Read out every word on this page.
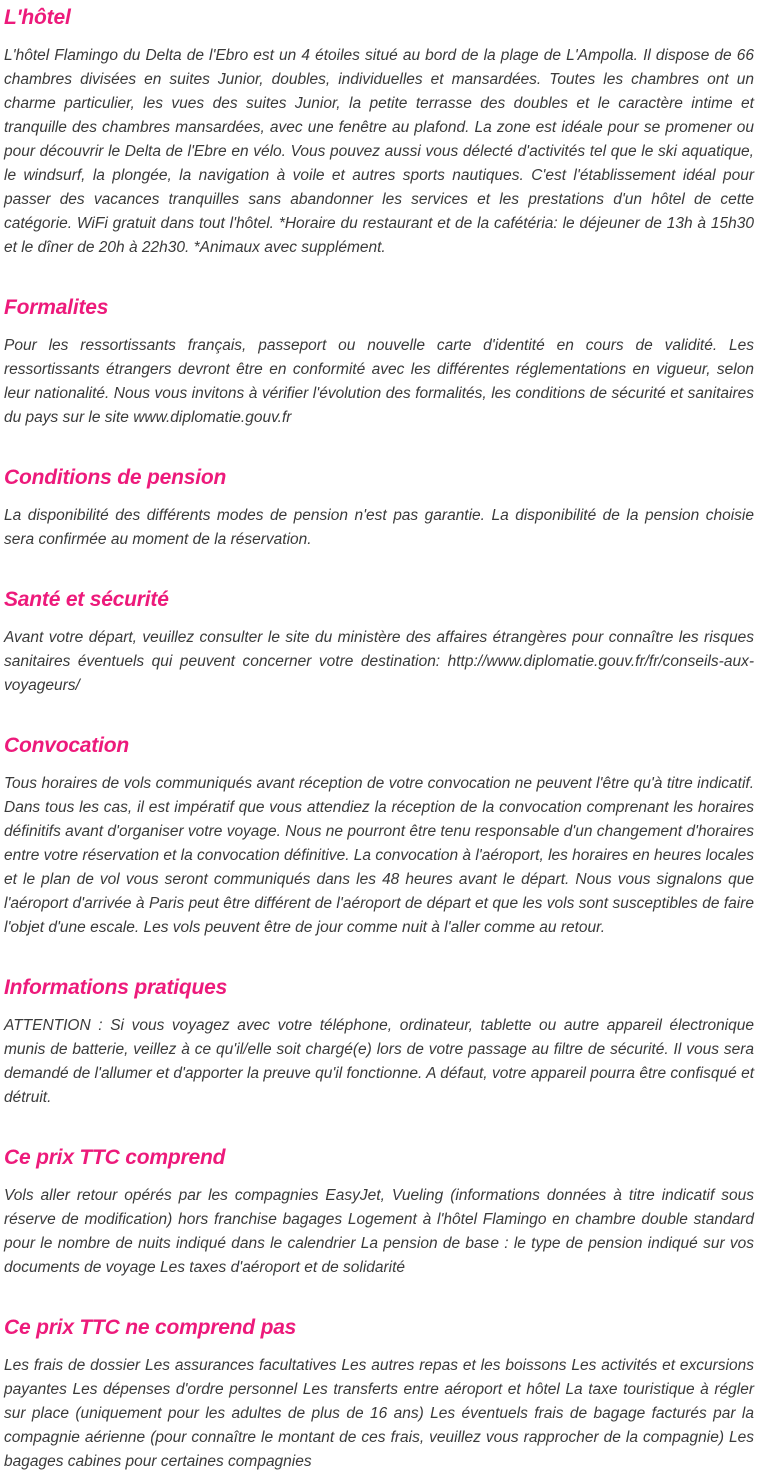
L'hôtel

L'hôtel Flamingo du Delta de l'Ebro est un 4 étoiles situé au bord de la plage de L'Ampolla. Il dispose de 66 chambres divisées en suites Junior, doubles, individuelles et mansardées. Toutes les chambres ont un charme particulier, les vues des suites Junior, la petite terrasse des doubles et le caractère intime et tranquille des chambres mansardées, avec une fenêtre au plafond. La zone est idéale pour se promener ou pour découvrir le Delta de l'Ebre en vélo. Vous pouvez aussi vous délecté d'activités tel que le ski aquatique, le windsurf, la plongée, la navigation à voile et autres sports nautiques. C'est l'établissement idéal pour passer des vacances tranquilles sans abandonner les services et les prestations d'un hôtel de cette catégorie. WiFi gratuit dans tout l'hôtel. *Horaire du restaurant et de la cafétéria: le déjeuner de 13h à 15h30 et le dîner de 20h à 22h30. *Animaux avec supplément.

Formalites

Pour les ressortissants français, passeport ou nouvelle carte d'identité en cours de validité. Les ressortissants étrangers devront être en conformité avec les différentes réglementations en vigueur, selon leur nationalité. Nous vous invitons à vérifier l'évolution des formalités, les conditions de sécurité et sanitaires du pays sur le site www.diplomatie.gouv.fr

Conditions de pension

La disponibilité des différents modes de pension n'est pas garantie. La disponibilité de la pension choisie sera confirmée au moment de la réservation.

Santé et sécurité

Avant votre départ, veuillez consulter le site du ministère des affaires étrangères pour connaître les risques sanitaires éventuels qui peuvent concerner votre destination: http://www.diplomatie.gouv.fr/fr/conseils-aux-voyageurs/

Convocation

Tous horaires de vols communiqués avant réception de votre convocation ne peuvent l'être qu'à titre indicatif. Dans tous les cas, il est impératif que vous attendiez la réception de la convocation comprenant les horaires définitifs avant d'organiser votre voyage. Nous ne pourront être tenu responsable d'un changement d'horaires entre votre réservation et la convocation définitive. La convocation à l'aéroport, les horaires en heures locales et le plan de vol vous seront communiqués dans les 48 heures avant le départ. Nous vous signalons que l'aéroport d'arrivée à Paris peut être différent de l'aéroport de départ et que les vols sont susceptibles de faire l'objet d'une escale. Les vols peuvent être de jour comme nuit à l'aller comme au retour.

Informations pratiques

ATTENTION : Si vous voyagez avec votre téléphone, ordinateur, tablette ou autre appareil électronique munis de batterie, veillez à ce qu'il/elle soit chargé(e) lors de votre passage au filtre de sécurité. Il vous sera demandé de l'allumer et d'apporter la preuve qu'il fonctionne. A défaut, votre appareil pourra être confisqué et détruit.

Ce prix TTC comprend

Vols aller retour opérés par les compagnies EasyJet, Vueling (informations données à titre indicatif sous réserve de modification) hors franchise bagages Logement à l'hôtel Flamingo en chambre double standard pour le nombre de nuits indiqué dans le calendrier La pension de base : le type de pension indiqué sur vos documents de voyage Les taxes d'aéroport et de solidarité

Ce prix TTC ne comprend pas

Les frais de dossier Les assurances facultatives Les autres repas et les boissons Les activités et excursions payantes Les dépenses d'ordre personnel Les transferts entre aéroport et hôtel La taxe touristique à régler sur place (uniquement pour les adultes de plus de 16 ans) Les éventuels frais de bagage facturés par la compagnie aérienne (pour connaître le montant de ces frais, veuillez vous rapprocher de la compagnie) Les bagages cabines pour certaines compagnies
